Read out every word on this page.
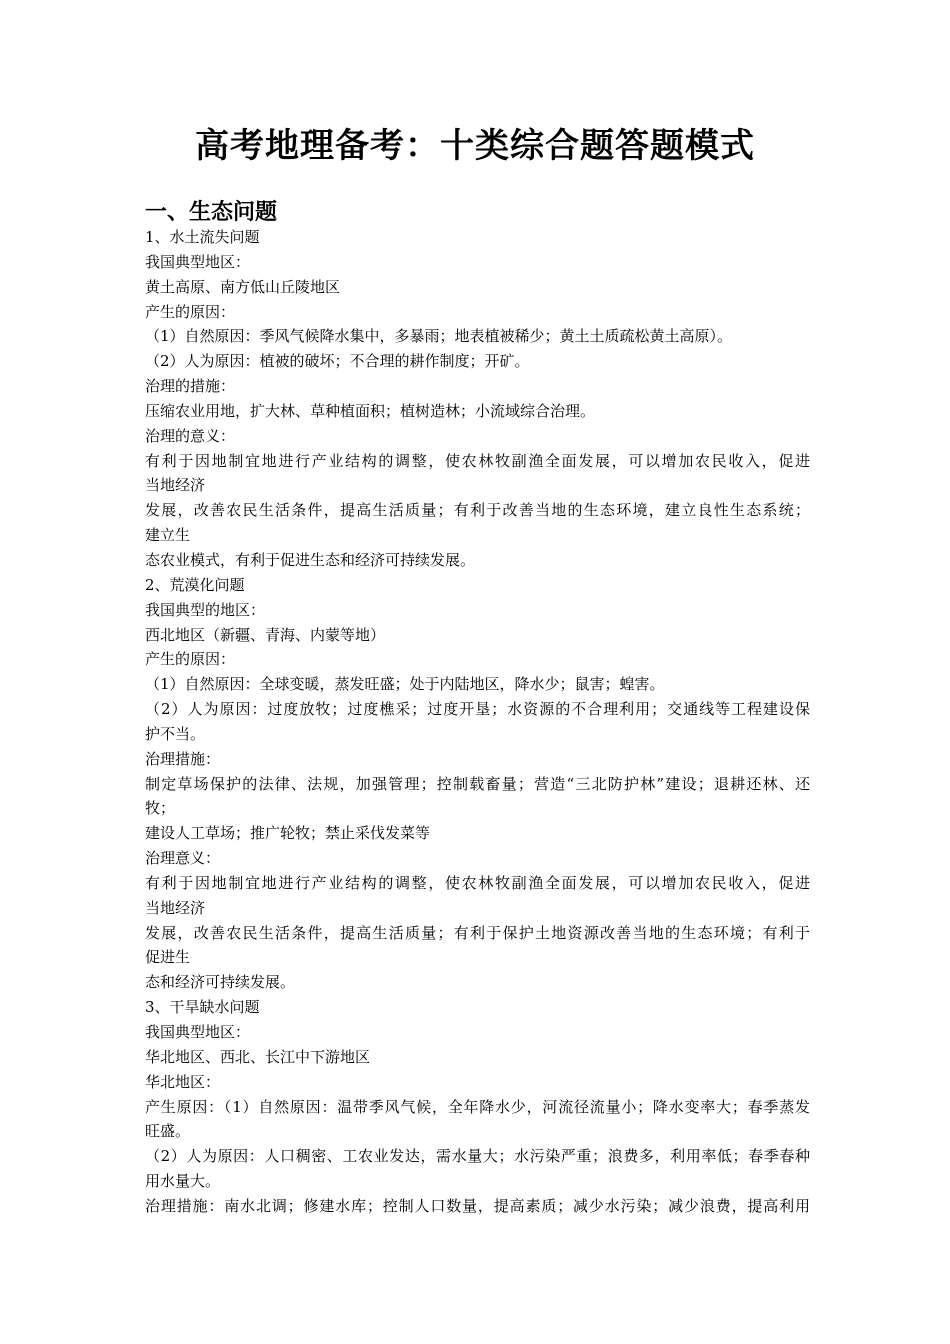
高考地理备考：十类综合题答题模式
一、生态问题
1、水土流失问题
我国典型地区：
黄土高原、南方低山丘陵地区
产生的原因：
（1）自然原因：季风气候降水集中，多暴雨；地表植被稀少；黄土土质疏松黄土高原）。
（2）人为原因：植被的破坏；不合理的耕作制度；开矿。
治理的措施：
压缩农业用地，扩大林、草种植面积；植树造林；小流域综合治理。
治理的意义：
有利于因地制宜地进行产业结构的调整，使农林牧副渔全面发展，可以增加农民收入，促进
当地经济
发展，改善农民生活条件，提高生活质量；有利于改善当地的生态环境，建立良性生态系统；
建立生
态农业模式，有利于促进生态和经济可持续发展。
2、荒漠化问题
我国典型的地区：
西北地区（新疆、青海、内蒙等地）
产生的原因：
（1）自然原因：全球变暖，蒸发旺盛；处于内陆地区，降水少；鼠害；蝗害。
（2）人为原因：过度放牧；过度樵采；过度开垦；水资源的不合理利用；交通线等工程建设保
护不当。
治理措施：
制定草场保护的法律、法规，加强管理；控制载畜量；营造“三北防护林”建设；退耕还林、还
牧；
建设人工草场；推广轮牧；禁止采伐发菜等
治理意义：
有利于因地制宜地进行产业结构的调整，使农林牧副渔全面发展，可以增加农民收入，促进
当地经济
发展，改善农民生活条件，提高生活质量；有利于保护土地资源改善当地的生态环境；有利于
促进生
态和经济可持续发展。
3、干旱缺水问题
我国典型地区：
华北地区、西北、长江中下游地区
华北地区：
产生原因：（1）自然原因：温带季风气候，全年降水少，河流径流量小；降水变率大；春季蒸发
旺盛。
（2）人为原因：人口稠密、工农业发达，需水量大；水污染严重；浪费多，利用率低；春季春种
用水量大。
治理措施：南水北调；修建水库；控制人口数量，提高素质；减少水污染；减少浪费，提高利用
